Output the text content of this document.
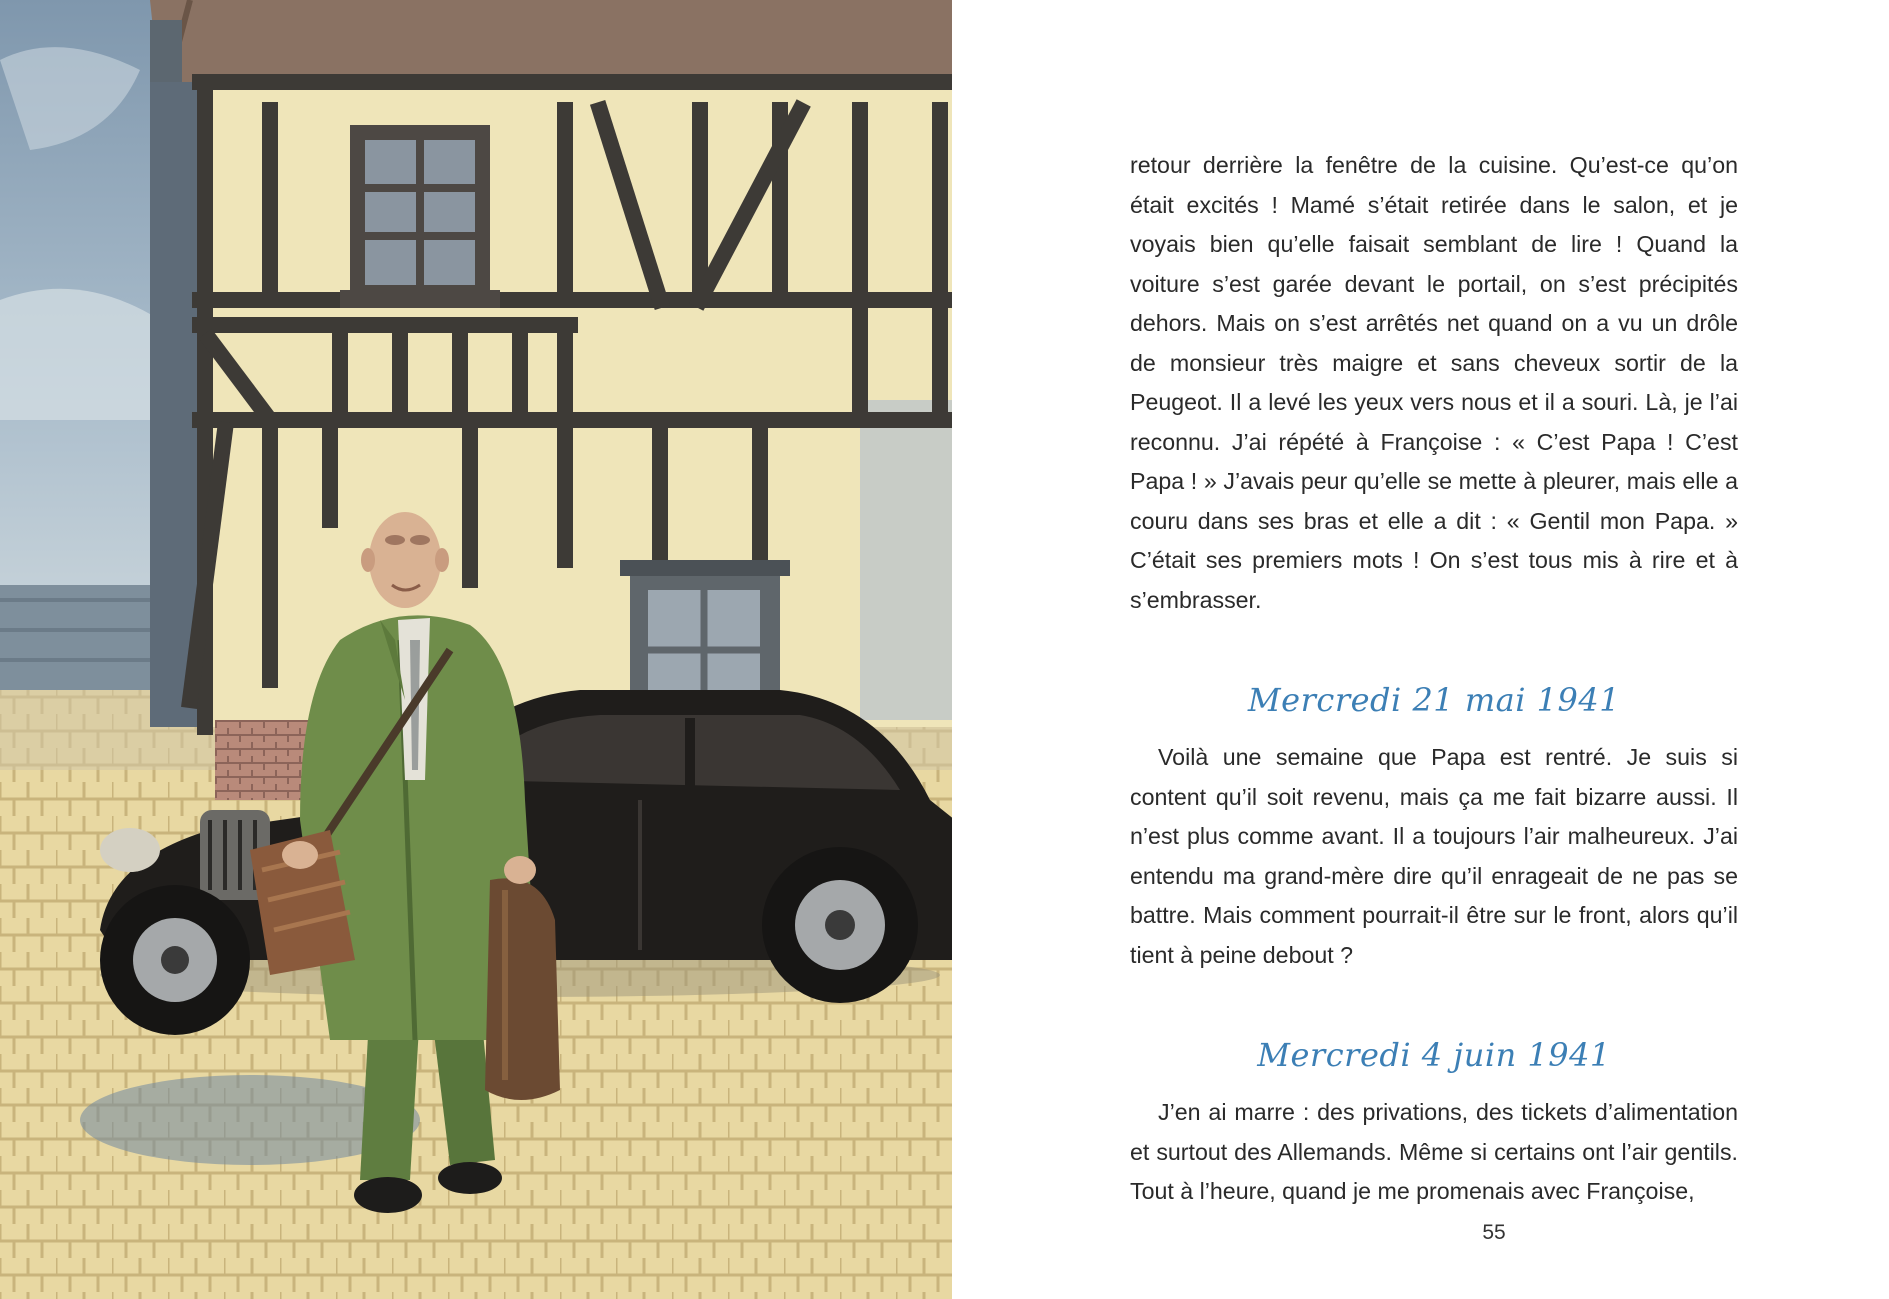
retour derrière la fenêtre de la cuisine. Qu’est-ce qu’on était excités ! Mamé s’était retirée dans le salon, et je voyais bien qu’elle faisait semblant de lire ! Quand la voiture s’est garée devant le portail, on s’est précipités dehors. Mais on s’est arrêtés net quand on a vu un drôle de monsieur très maigre et sans cheveux sortir de la Peugeot. Il a levé les yeux vers nous et il a souri. Là, je l’ai reconnu. J’ai répété à Françoise : « C’est Papa ! C’est Papa ! » J’avais peur qu’elle se mette à pleurer, mais elle a couru dans ses bras et elle a dit : « Gentil mon Papa. » C’était ses premiers mots ! On s’est tous mis à rire et à s’embrasser.

Mercredi 21 mai 1941

Voilà une semaine que Papa est rentré. Je suis si content qu’il soit revenu, mais ça me fait bizarre aussi. Il n’est plus comme avant. Il a toujours l’air malheureux. J’ai entendu ma grand-mère dire qu’il enrageait de ne pas se battre. Mais comment pourrait-il être sur le front, alors qu’il tient à peine debout ?

Mercredi 4 juin 1941

J’en ai marre : des privations, des tickets d’alimentation et surtout des Allemands. Même si certains ont l’air gentils. Tout à l’heure, quand je me promenais avec Françoise,

55
